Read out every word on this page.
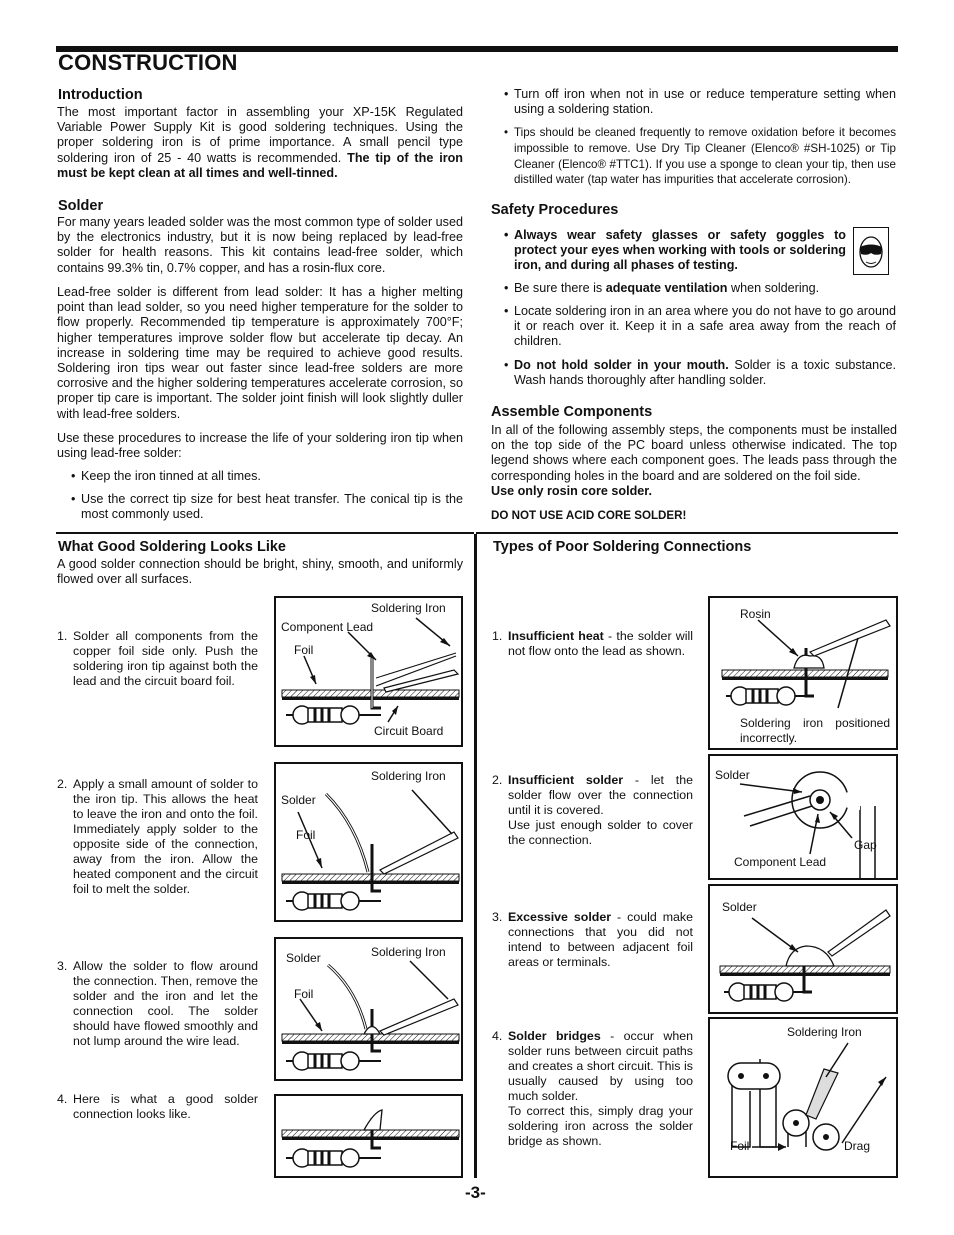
CONSTRUCTION
Introduction

The most important factor in assembling your XP-15K Regulated Variable Power Supply Kit is good soldering techniques. Using the proper soldering iron is of prime importance. A small pencil type soldering iron of 25 - 40 watts is recommended. The tip of the iron must be kept clean at all times and well-tinned.

Solder

For many years leaded solder was the most common type of solder used by the electronics industry, but it is now being replaced by lead-free solder for health reasons. This kit contains lead-free solder, which contains 99.3% tin, 0.7% copper, and has a rosin-flux core.

Lead-free solder is different from lead solder: It has a higher melting point than lead solder, so you need higher temperature for the solder to flow properly. Recommended tip temperature is approximately 700°F; higher temperatures improve solder flow but accelerate tip decay. An increase in soldering time may be required to achieve good results. Soldering iron tips wear out faster since lead-free solders are more corrosive and the higher soldering temperatures accelerate corrosion, so proper tip care is important. The solder joint finish will look slightly duller with lead-free solders.

Use these procedures to increase the life of your soldering iron tip when using lead-free solder:

• Keep the iron tinned at all times.
• Use the correct tip size for best heat transfer. The conical tip is the most commonly used.
• Turn off iron when not in use or reduce temperature setting when using a soldering station.
• Tips should be cleaned frequently to remove oxidation before it becomes impossible to remove. Use Dry Tip Cleaner (Elenco® #SH-1025) or Tip Cleaner (Elenco® #TTC1). If you use a sponge to clean your tip, then use distilled water (tap water has impurities that accelerate corrosion).
Safety Procedures
• Always wear safety glasses or safety goggles to protect your eyes when working with tools or soldering iron, and during all phases of testing.
• Be sure there is adequate ventilation when soldering.
• Locate soldering iron in an area where you do not have to go around it or reach over it. Keep it in a safe area away from the reach of children.
• Do not hold solder in your mouth. Solder is a toxic substance. Wash hands thoroughly after handling solder.
Assemble Components

In all of the following assembly steps, the components must be installed on the top side of the PC board unless otherwise indicated. The top legend shows where each component goes. The leads pass through the corresponding holes in the board and are soldered on the foil side.
Use only rosin core solder.

DO NOT USE ACID CORE SOLDER!

What Good Soldering Looks Like

A good solder connection should be bright, shiny, smooth, and uniformly flowed over all surfaces.

1. Solder all components from the copper foil side only. Push the soldering iron tip against both the lead and the circuit board foil.
2. Apply a small amount of solder to the iron tip. This allows the heat to leave the iron and onto the foil. Immediately apply solder to the opposite side of the connection, away from the iron. Allow the heated component and the circuit foil to melt the solder.
3. Allow the solder to flow around the connection. Then, remove the solder and the iron and let the connection cool. The solder should have flowed smoothly and not lump around the wire lead.
4. Here is what a good solder connection looks like.
Soldering Iron
Component Lead
Foil
Circuit Board
Soldering Iron
Solder
Foil
Solder	Soldering Iron
Foil
Types of Poor Soldering Connections
1. Insufficient heat - the solder will not flow onto the lead as shown.
2. Insufficient solder - let the solder flow over the connection until it is covered.
Use just enough solder to cover the connection.
3. Excessive solder - could make connections that you did not intend to between adjacent foil areas or terminals.
4. Solder bridges - occur when solder runs between circuit paths and creates a short circuit. This is usually caused by using too much solder.
To correct this, simply drag your soldering iron across the solder bridge as shown.
Rosin
Soldering iron positioned incorrectly.
Solder
Gap
Component Lead
Solder
Soldering Iron
Foil	Drag
-3-
